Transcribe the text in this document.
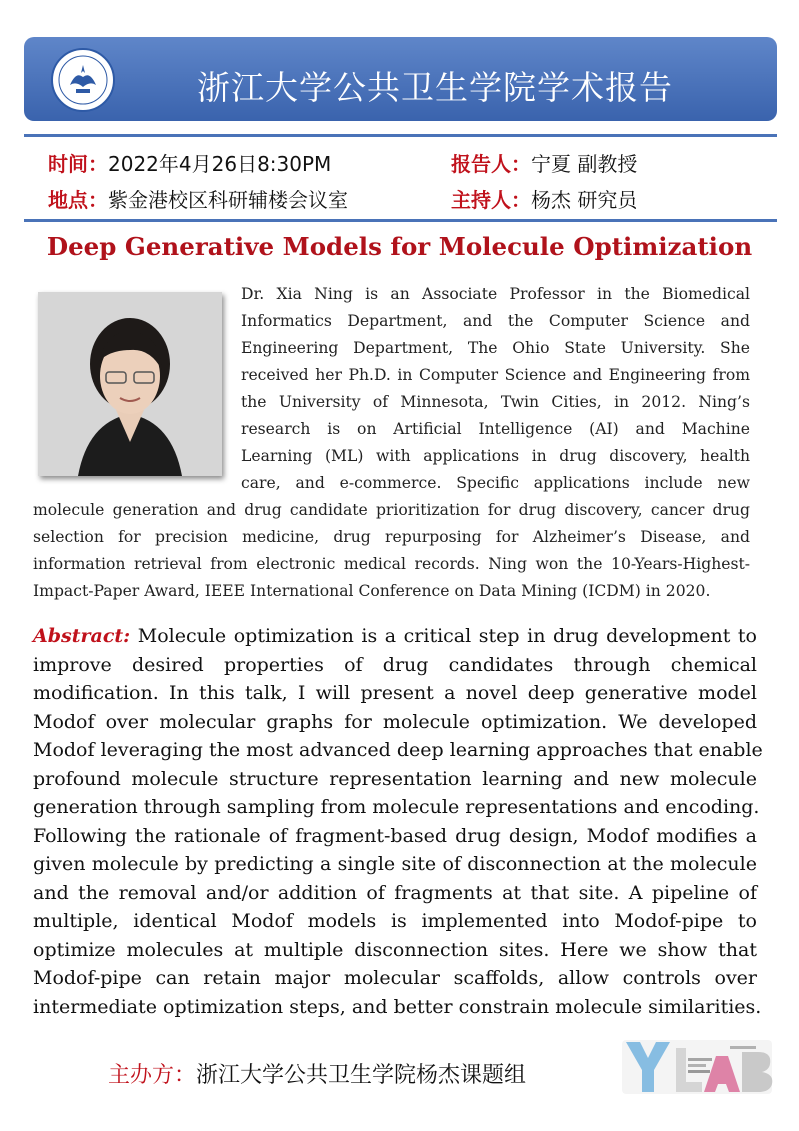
浙江大学公共卫生学院学术报告
时间：2022年4月26日8:30PM	报告人：宁夏 副教授
地点：紫金港校区科研辅楼会议室	主持人：杨杰 研究员
Deep Generative Models for Molecule Optimization
Dr. Xia Ning is an Associate Professor in the Biomedical
Informatics Department, and the Computer Science and
Engineering Department, The Ohio State University. She
received her Ph.D. in Computer Science and Engineering from
the University of Minnesota, Twin Cities, in 2012. Ning’s
research is on Artificial Intelligence (AI) and Machine
Learning (ML) with applications in drug discovery, health
care, and e-commerce. Specific applications include new
molecule generation and drug candidate prioritization for drug discovery, cancer drug
selection for precision medicine, drug repurposing for Alzheimer’s Disease, and
information retrieval from electronic medical records. Ning won the 10-Years-Highest-
Impact-Paper Award, IEEE International Conference on Data Mining (ICDM) in 2020.
Abstract: Molecule optimization is a critical step in drug development to
improve desired properties of drug candidates through chemical
modification. In this talk, I will present a novel deep generative model
Modof over molecular graphs for molecule optimization. We developed
Modof leveraging the most advanced deep learning approaches that enable
profound molecule structure representation learning and new molecule
generation through sampling from molecule representations and encoding.
Following the rationale of fragment-based drug design, Modof modifies a
given molecule by predicting a single site of disconnection at the molecule
and the removal and/or addition of fragments at that site. A pipeline of
multiple, identical Modof models is implemented into Modof-pipe to
optimize molecules at multiple disconnection sites. Here we show that
Modof-pipe can retain major molecular scaffolds, allow controls over
intermediate optimization steps, and better constrain molecule similarities.
主办方：浙江大学公共卫生学院杨杰课题组
